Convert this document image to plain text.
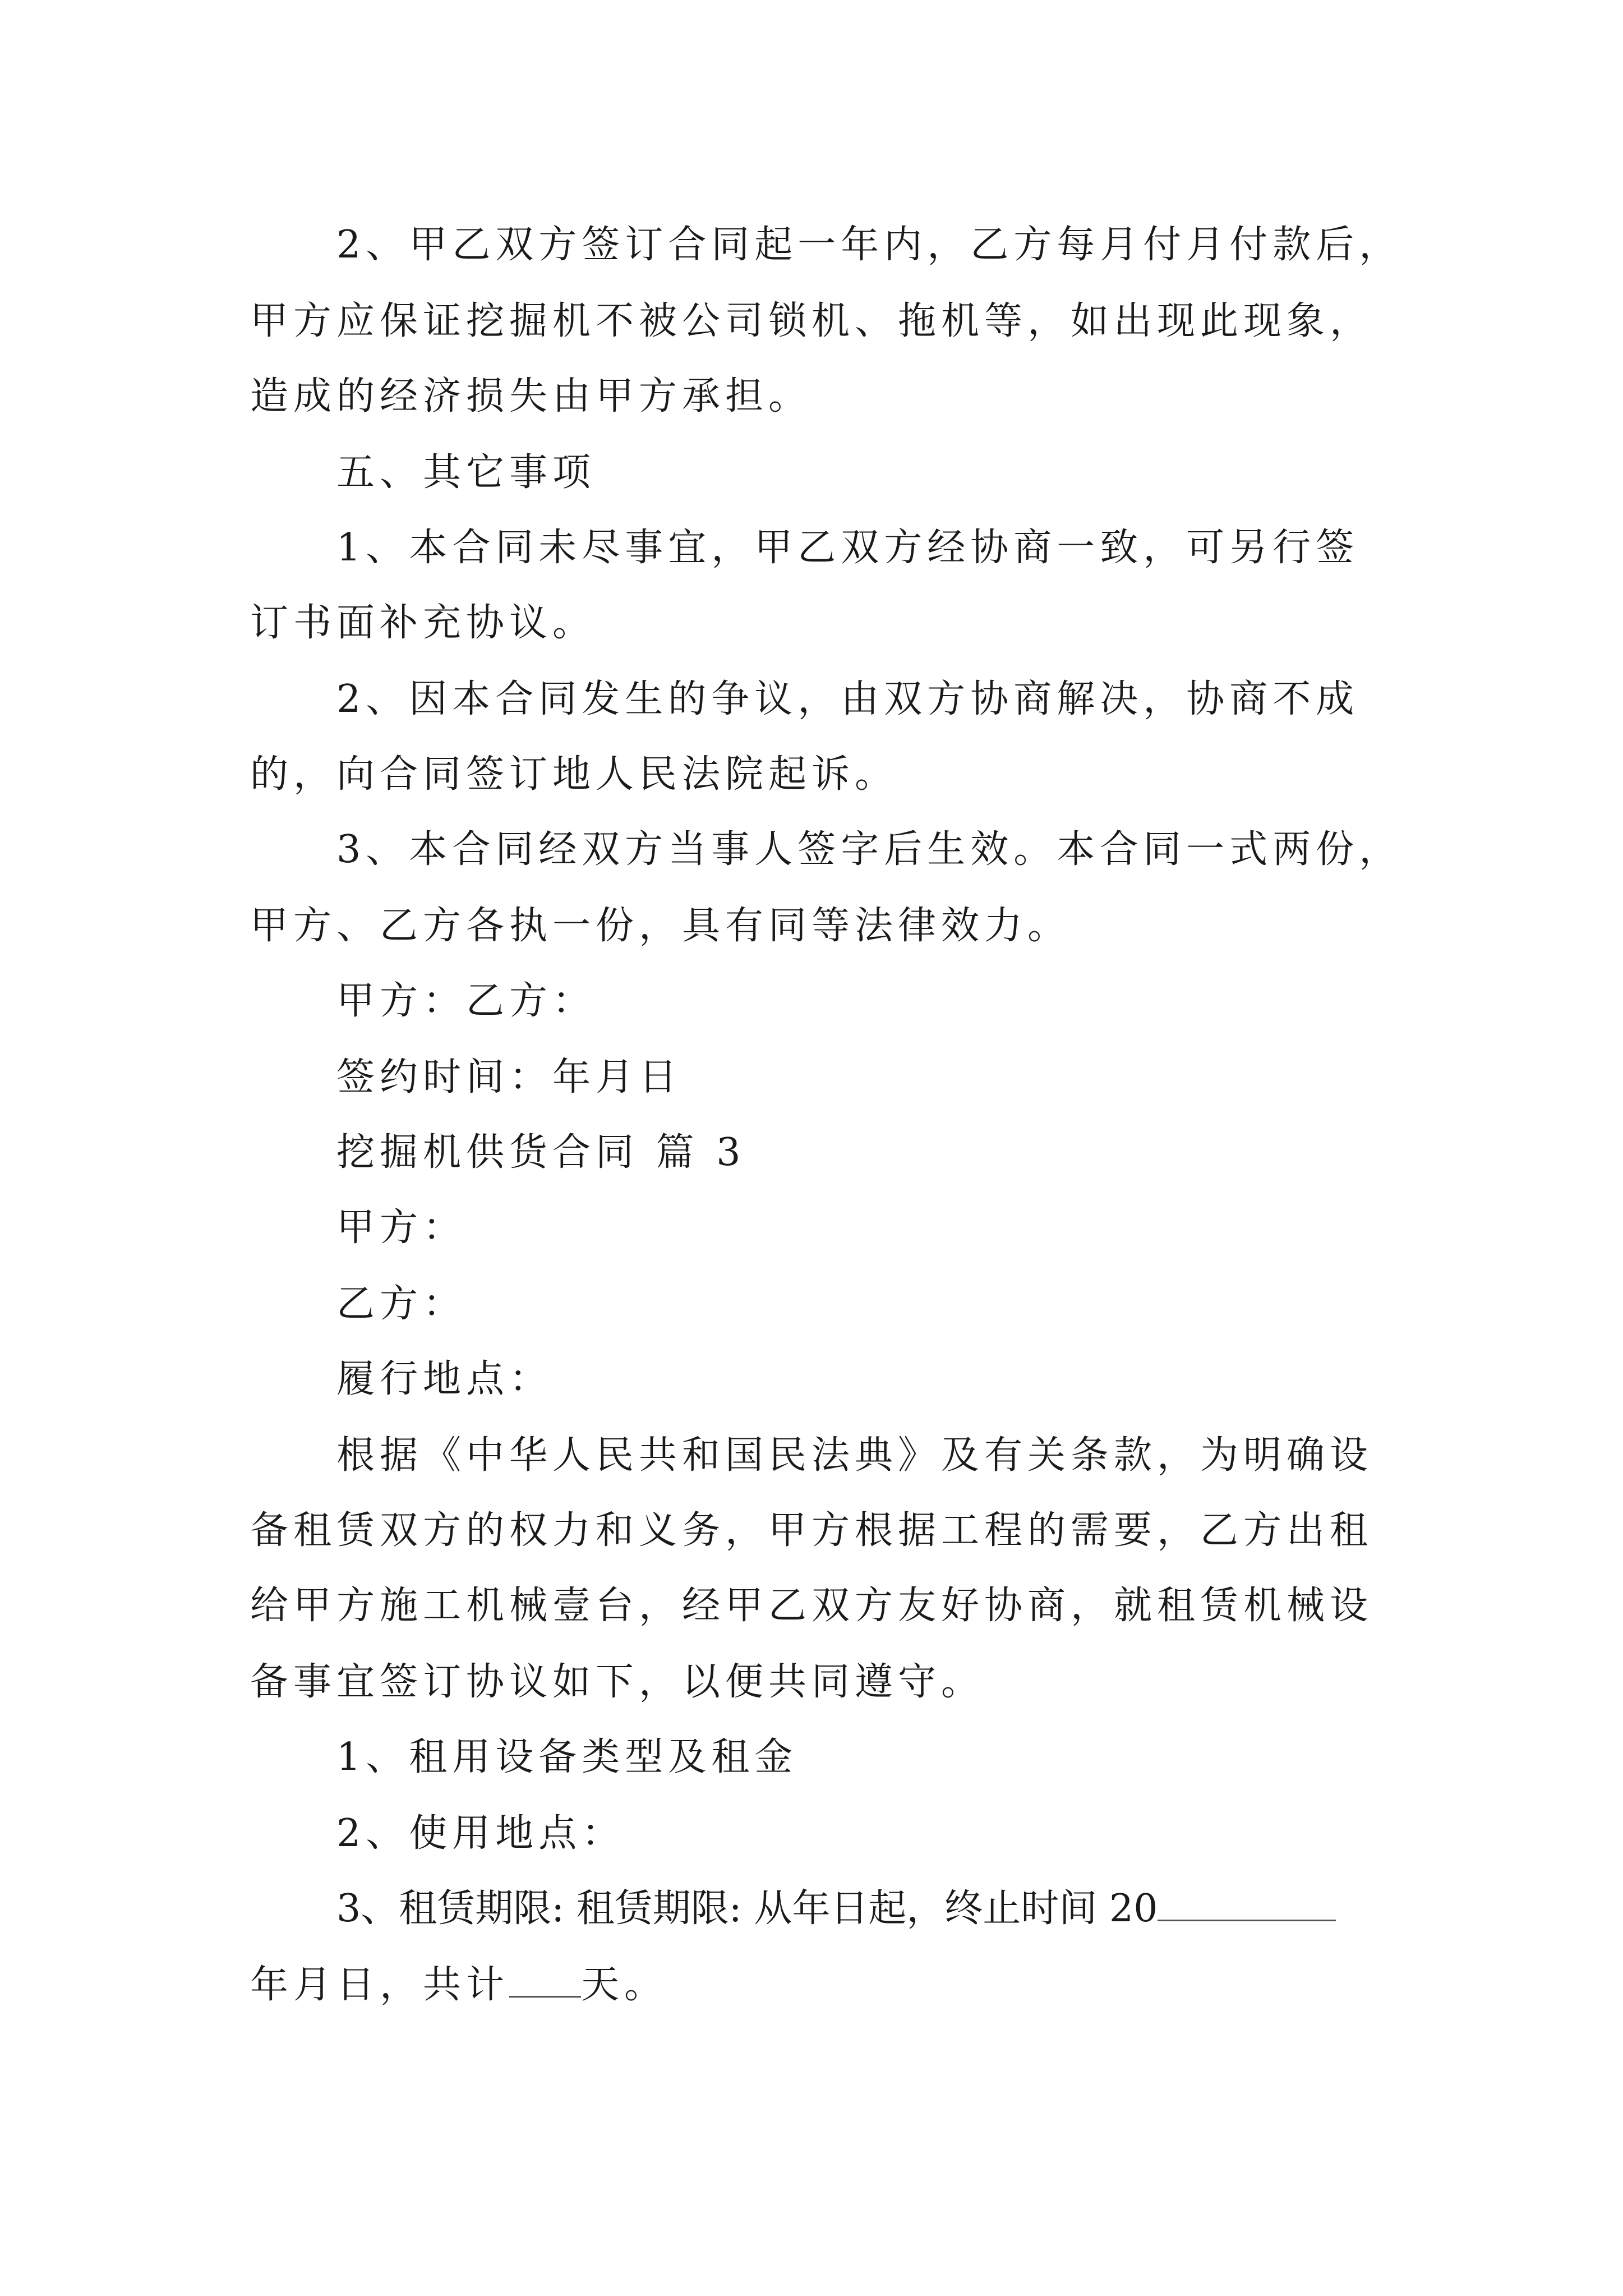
2、甲乙双方签订合同起一年内，乙方每月付月付款后，
甲方应保证挖掘机不被公司锁机、拖机等，如出现此现象，
造成的经济损失由甲方承担。
五、其它事项
1、本合同未尽事宜，甲乙双方经协商一致，可另行签
订书面补充协议。
2、因本合同发生的争议，由双方协商解决，协商不成
的，向合同签订地人民法院起诉。
3、本合同经双方当事人签字后生效。本合同一式两份，
甲方、乙方各执一份，具有同等法律效力。
甲方：乙方：
签约时间：年月日
挖掘机供货合同 篇 3
甲方：
乙方：
履行地点：
根据《中华人民共和国民法典》及有关条款，为明确设
备租赁双方的权力和义务，甲方根据工程的需要，乙方出租
给甲方施工机械壹台，经甲乙双方友好协商，就租赁机械设
备事宜签订协议如下，以便共同遵守。
1、租用设备类型及租金
2、使用地点：
3、租赁期限: 租赁期限: 从年日起，终止时间 20
年月日，共计 天。
